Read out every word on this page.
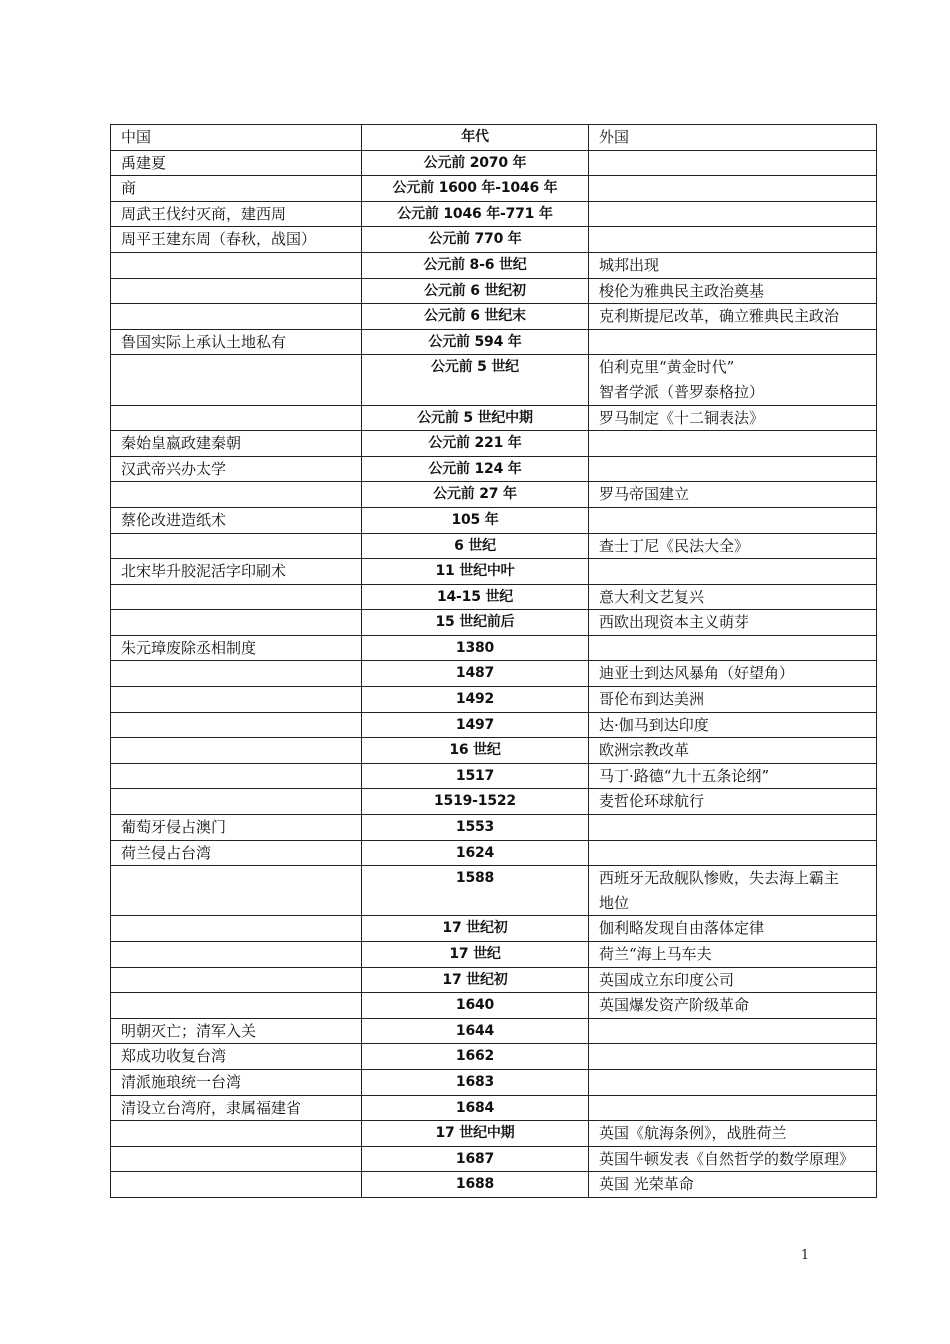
中国	年代	外国
禹建夏	公元前 2070 年	
商	公元前 1600 年-1046 年	
周武王伐纣灭商，建西周	公元前 1046 年-771 年	
周平王建东周（春秋，战国）	公元前 770 年	
	公元前 8-6 世纪	城邦出现

	公元前 6 世纪初	梭伦为雅典民主政治奠基

	公元前 6 世纪末	克利斯提尼改革，确立雅典民主政治

鲁国实际上承认土地私有	公元前 594 年	
	公元前 5 世纪	伯利克里“黄金时代”
智者学派（普罗泰格拉）

	公元前 5 世纪中期	罗马制定《十二铜表法》

秦始皇嬴政建秦朝	公元前 221 年	
汉武帝兴办太学	公元前 124 年	
	公元前 27 年	罗马帝国建立

蔡伦改进造纸术	105 年	
	6 世纪	查士丁尼《民法大全》

北宋毕升胶泥活字印刷术	11 世纪中叶	
	14-15 世纪	意大利文艺复兴

	15 世纪前后	西欧出现资本主义萌芽

朱元璋废除丞相制度	1380	
	1487	迪亚士到达风暴角（好望角）

	1492	哥伦布到达美洲

	1497	达·伽马到达印度

	16 世纪	欧洲宗教改革

	1517	马丁·路德“九十五条论纲”

	1519-1522	麦哲伦环球航行

葡萄牙侵占澳门	1553	
荷兰侵占台湾	1624	
	1588	西班牙无敌舰队惨败，失去海上霸主
地位

	17 世纪初	伽利略发现自由落体定律

	17 世纪	荷兰“海上马车夫

	17 世纪初	英国成立东印度公司

	1640	英国爆发资产阶级革命

明朝灭亡；清军入关	1644	
郑成功收复台湾	1662	
清派施琅统一台湾	1683	
清设立台湾府，隶属福建省	1684	
	17 世纪中期	英国《航海条例》，战胜荷兰

	1687	英国牛顿发表《自然哲学的数学原理》

	1688	英国 光荣革命
1
